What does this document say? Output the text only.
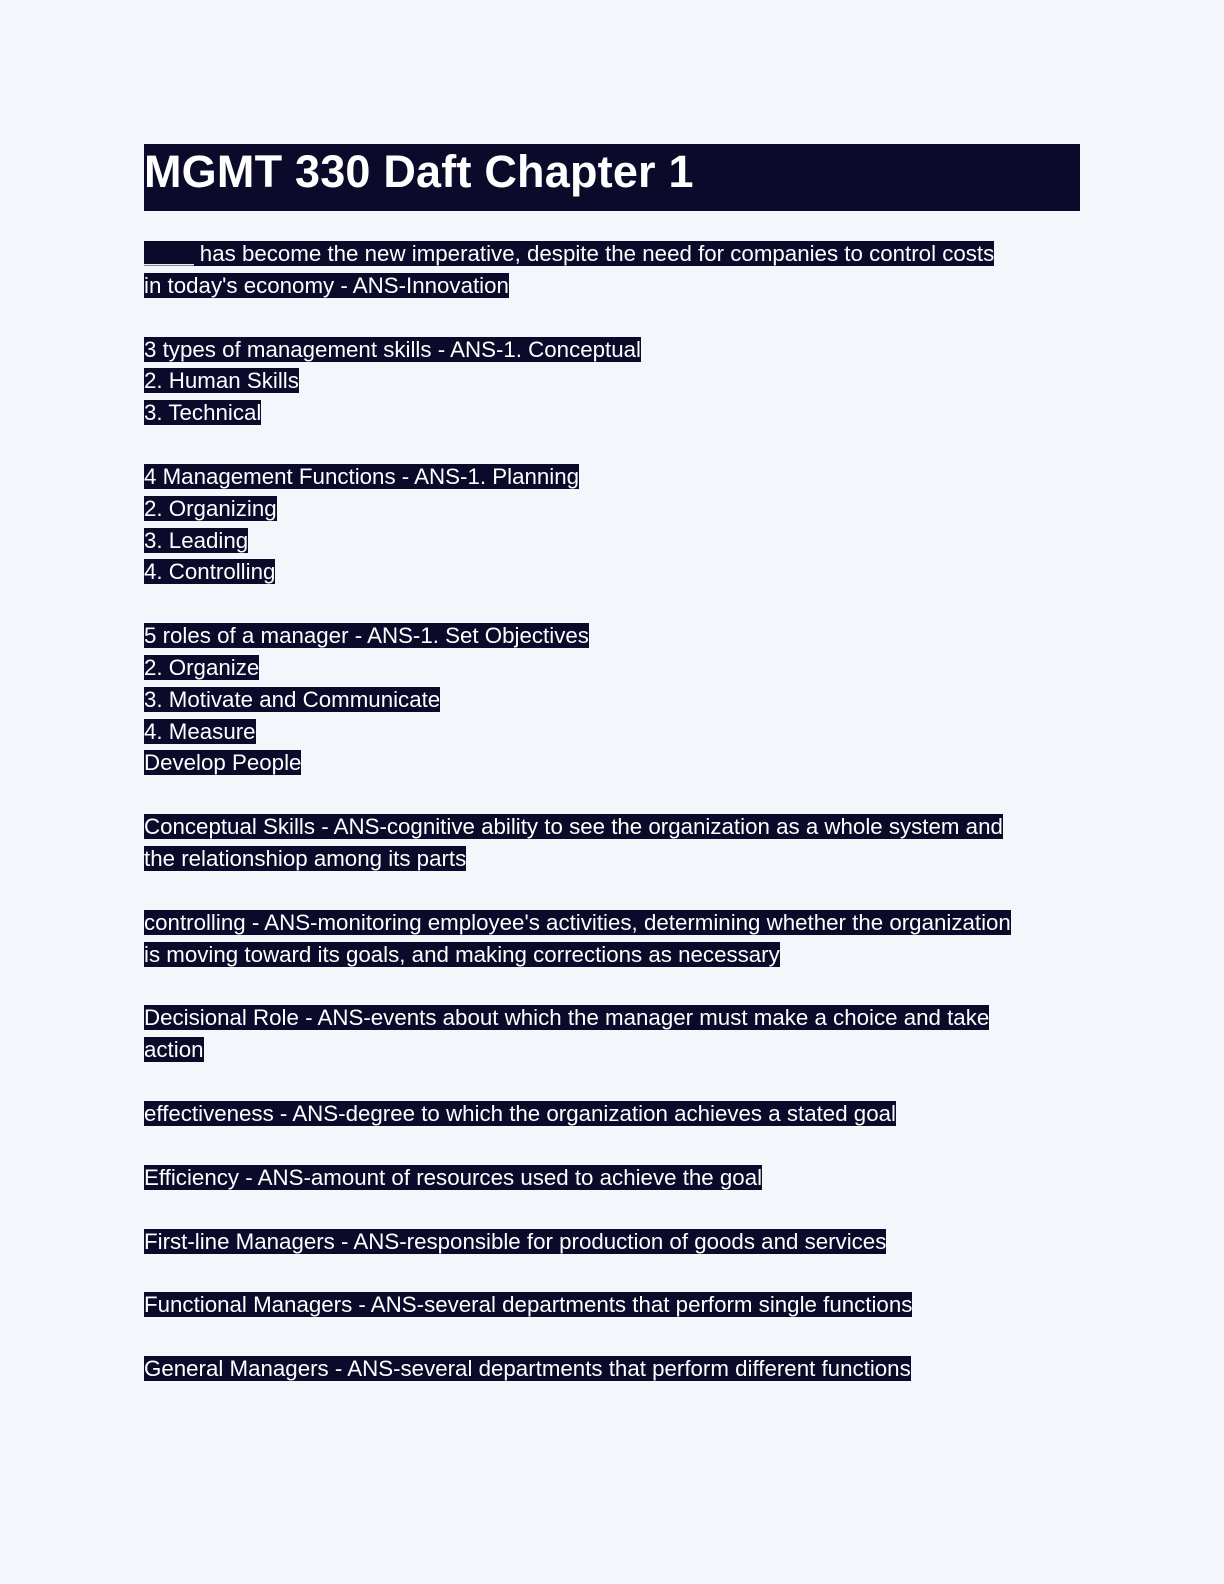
MGMT 330 Daft Chapter 1
____ has become the new imperative, despite the need for companies to control costs
in today's economy - ANS-Innovation
3 types of management skills - ANS-1. Conceptual
2. Human Skills
3. Technical
4 Management Functions - ANS-1. Planning
2. Organizing
3. Leading
4. Controlling
5 roles of a manager - ANS-1. Set Objectives
2. Organize
3. Motivate and Communicate
4. Measure
Develop People
Conceptual Skills - ANS-cognitive ability to see the organization as a whole system and
the relationshiop among its parts
controlling - ANS-monitoring employee's activities, determining whether the organization
is moving toward its goals, and making corrections as necessary
Decisional Role - ANS-events about which the manager must make a choice and take
action
effectiveness - ANS-degree to which the organization achieves a stated goal
Efficiency - ANS-amount of resources used to achieve the goal
First-line Managers - ANS-responsible for production of goods and services
Functional Managers - ANS-several departments that perform single functions
General Managers - ANS-several departments that perform different functions
